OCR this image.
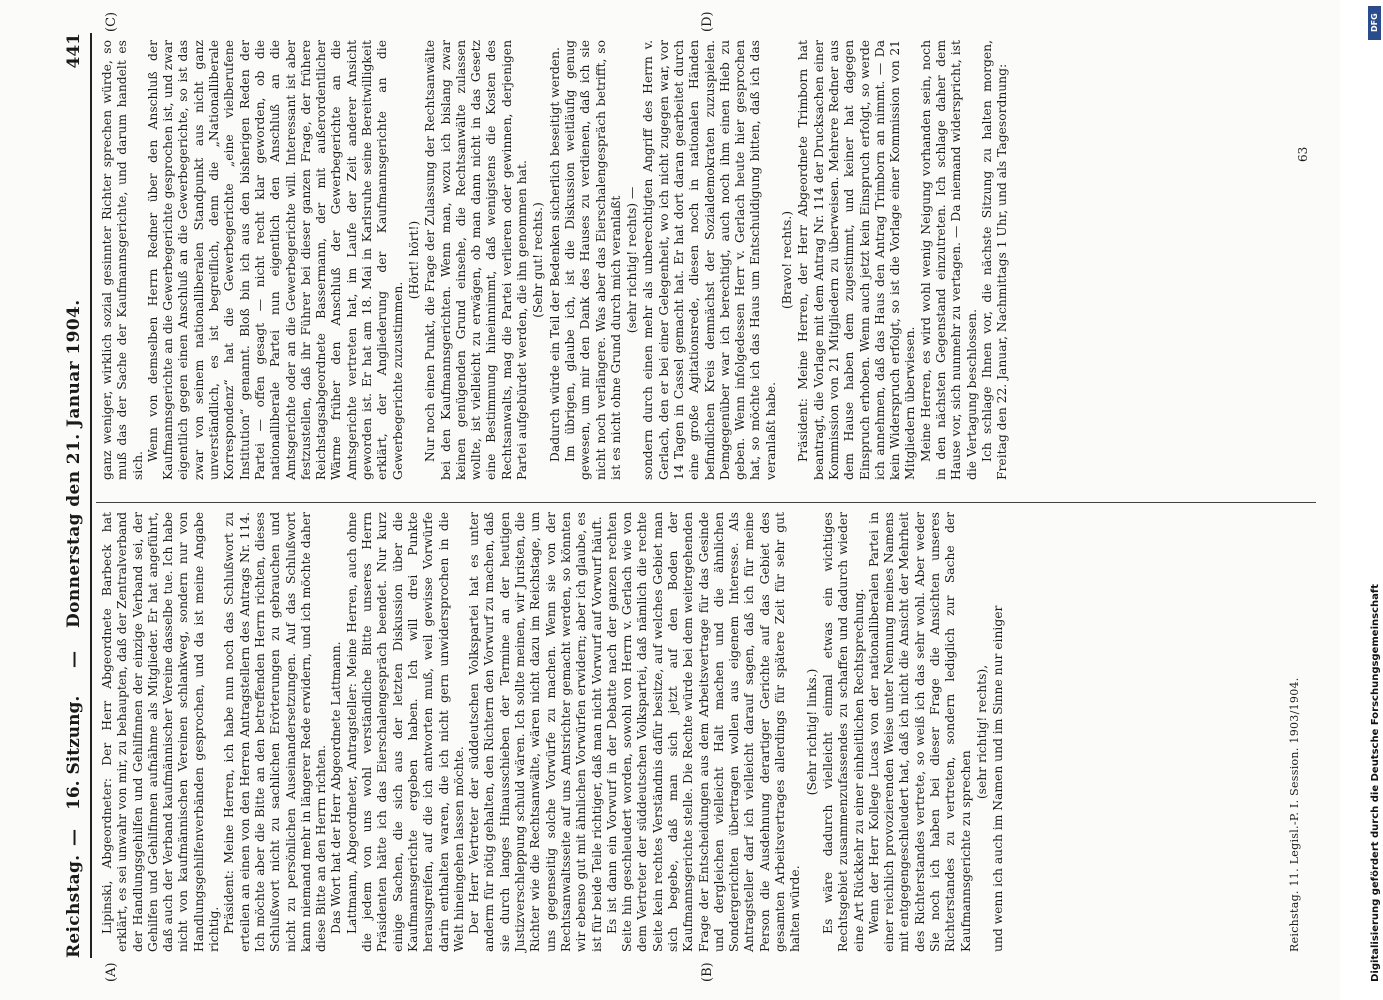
Reichstag.
—
16. Sitzung.
—
Donnerstag den 21. Januar 1904.
441
(A)	(B)
(C)	(D)

Lipinski, Abgeordneter: Der Herr Abgeordnete Barbeck hat erklärt, es sei unwahr von mir, zu behaupten, daß der Zentralverband der Handlungsgehilfen und Gehilfinnen der einzige Verband sei, der Gehilfen und Gehilfinnen aufnähme als Mitglieder. Er hat angeführt, daß auch der Verband kaufmännischer Vereine dasselbe tue. Ich habe nicht von kaufmännischen Vereinen schlankweg, sondern nur von Handlungsgehilfenverbänden gesprochen, und da ist meine Angabe richtig. Präsident: Meine Herren, ich habe nun noch das Schlußwort zu erteilen an einen von den Herren Antragstellern des Antrags Nr. 114. Ich möchte aber die Bitte an den betreffenden Herrn richten, dieses Schlußwort nicht zu sachlichen Erörterungen zu gebrauchen und nicht zu persönlichen Auseinandersetzungen. Auf das Schlußwort kann niemand mehr in längerer Rede erwidern, und ich möchte daher diese Bitte an den Herrn richten. Das Wort hat der Herr Abgeordnete Lattmann. Lattmann, Abgeordneter, Antragsteller: Meine Herren, auch ohne die jedem von uns wohl verständliche Bitte unseres Herrn Präsidenten hätte ich das Eierschalengespräch beendet. Nur kurz einige Sachen, die sich aus der letzten Diskussion über die Kaufmannsgerichte ergeben haben. Ich will drei Punkte herausgreifen, auf die ich antworten muß, weil gewisse Vorwürfe darin enthalten waren, die ich nicht gern unwidersprochen in die Welt hineingehen lassen möchte. Der Herr Vertreter der süddeutschen Volkspartei hat es unter anderm für nötig gehalten, den Richtern den Vorwurf zu machen, daß sie durch langes Hinausschieben der Termine an der heutigen Justizverschleppung schuld wären. Ich sollte meinen, wir Juristen, die Richter wie die Rechtsanwälte, wären nicht dazu im Reichstage, um uns gegenseitig solche Vorwürfe zu machen. Wenn sie von der Rechtsanwaltsseite auf uns Amtsrichter gemacht werden, so könnten wir ebenso gut mit ähnlichen Vorwürfen erwidern; aber ich glaube, es ist für beide Teile richtiger, daß man nicht Vorwurf auf Vorwurf häuft. Es ist dann ein Vorwurf in der Debatte nach der ganzen rechten Seite hin geschleudert worden, sowohl von Herrn v. Gerlach wie von dem Vertreter der süddeutschen Volkspartei, daß nämlich die rechte Seite kein rechtes Verständnis dafür besitze, auf welches Gebiet man sich begebe, daß man sich jetzt auf den Boden der Kaufmannsgerichte stelle. Die Rechte würde bei dem weitergehenden Frage der Entscheidungen aus dem Arbeitsvertrage für das Gesinde und dergleichen vielleicht Halt machen und die ähnlichen Sondergerichten übertragen wollen aus eigenem Interesse. Als Antragsteller darf ich vielleicht darauf sagen, daß ich für meine Person die Ausdehnung derartiger Gerichte auf das Gebiet des gesamten Arbeitsvertrages allerdings für spätere Zeit für sehr gut halten würde.

(Sehr richtig! links.) Es wäre dadurch vielleicht einmal etwas ein wichtiges Rechtsgebiet zusammenzufassendes zu schaffen und dadurch wieder eine Art Rückkehr zu einer einheitlichen Rechtsprechung. Wenn der Herr Kollege Lucas von der nationalliberalen Partei in einer reichlich provozierenden Weise unter Nennung meines Namens mit entgegengeschleudert hat, daß ich nicht die Ansicht der Mehrheit des Richterstandes vertrete, so weiß ich das sehr wohl. Aber weder Sie noch ich haben bei dieser Frage die Ansichten unseres Richterstandes zu vertreten, sondern lediglich zur Sache der Kaufmannsgerichte zu sprechen

(sehr richtig! rechts), und wenn ich auch im Namen und im Sinne nur einiger

ganz weniger, wirklich sozial gesinnter Richter sprechen würde, so muß das der Sache der Kaufmannsgerichte, und darum handelt es sich.

Wenn von demselben Herrn Redner über den Anschluß der Kaufmannsgerichte an die Gewerbegerichte gesprochen ist, und zwar eigentlich gegen einen Anschluß an die Gewerbegerichte, so ist das zwar von seinem nationalliberalen Standpunkt aus nicht ganz unverständlich, es ist begreiflich, denn die „Nationalliberale Korrespondenz“ hat die Gewerbegerichte „eine vielberufene Institution“ genannt. Bloß bin ich aus den bisherigen Reden der Partei — offen gesagt — nicht recht klar geworden, ob die nationalliberale Partei nun eigentlich den Anschluß an die Amtsgerichte oder an die Gewerbegerichte will. Interessant ist aber festzustellen, daß ihr Führer bei dieser ganzen Frage, der frühere Reichstagsabgeordnete Bassermann, der mit außerordentlicher Wärme früher den Anschluß der Gewerbegerichte an die Amtsgerichte vertreten hat, im Laufe der Zeit anderer Ansicht geworden ist. Er hat am 18. Mai in Karlsruhe seine Bereitwilligkeit erklärt, der Angliederung der Kaufmannsgerichte an die Gewerbegerichte zuzustimmen.

(Hört! hört!) Nur noch einen Punkt, die Frage der Zulassung der Rechtsanwälte bei den Kaufmannsgerichten. Wenn man, wozu ich bislang zwar keinen genügenden Grund einsehe, die Rechtsanwälte zulassen wollte, ist vielleicht zu erwägen, ob man dann nicht in das Gesetz eine Bestimmung hineinnimmt, daß wenigstens die Kosten des Rechtsanwalts, mag die Partei verlieren oder gewinnen, derjenigen Partei aufgebürdet werden, die ihn genommen hat. (Sehr gut! rechts.) Dadurch würde ein Teil der Bedenken sicherlich beseitigt werden. Im übrigen, glaube ich, ist die Diskussion weitläufig genug gewesen, um mir den Dank des Hauses zu verdienen, daß ich sie nicht noch verlängere. Was aber das Eierschalengespräch betrifft, so ist es nicht ohne Grund durch mich veranlaßt (sehr richtig! rechts) — sondern durch einen mehr als unberechtigten Angriff des Herrn v. Gerlach, den er bei einer Gelegenheit, wo ich nicht zugegen war, vor 14 Tagen in Cassel gemacht hat. Er hat dort daran gearbeitet durch eine große Agitationsrede, diesen noch in nationalen Händen befindlichen Kreis demnächst der Sozialdemokraten zuzuspielen. Demgegenüber war ich berechtigt, auch noch ihm einen Hieb zu geben. Wenn infolgedessen Herr v. Gerlach heute hier gesprochen hat, so möchte ich das Haus um Entschuldigung bitten, daß ich das veranlaßt habe.

(Bravo! rechts.) Präsident: Meine Herren, der Herr Abgeordnete Trimborn hat beantragt, die Vorlage mit dem Antrag Nr. 114 der Drucksachen einer Kommission von 21 Mitgliedern zu überweisen. Mehrere Redner aus dem Hause haben dem zugestimmt, und keiner hat dagegen Einspruch erhoben. Wenn auch jetzt kein Einspruch erfolgt, so werde ich annehmen, daß das Haus den Antrag Trimborn an nimmt. — Da kein Widerspruch erfolgt, so ist die Vorlage einer Kommission von 21 Mitgliedern überwiesen. Meine Herren, es wird wohl wenig Neigung vorhanden sein, noch in den nächsten Gegenstand einzutreten. Ich schlage daher dem Hause vor, sich nunmehr zu vertagen. — Da niemand widerspricht, ist die Vertagung beschlossen. Ich schlage Ihnen vor, die nächste Sitzung zu halten morgen, Freitag den 22. Januar, Nachmittags 1 Uhr, und als Tagesordnung:

Reichstag. 11. Legisl.-P. I. Session. 1903/1904.
63
Digitalisierung gefördert durch die Deutsche Forschungsgemeinschaft
DFG
